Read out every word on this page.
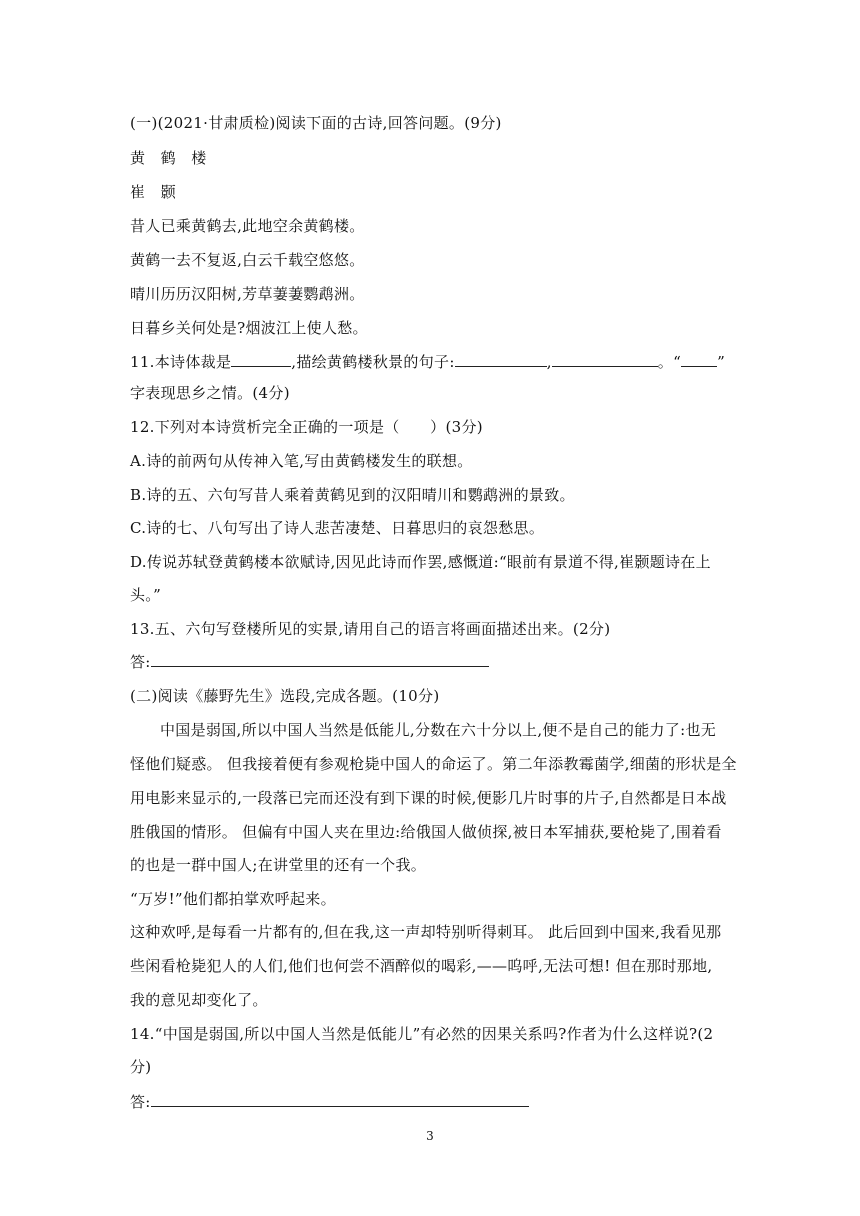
(一)(2021·甘肃质检)阅读下面的古诗,回答问题。(9分)
黄　鹤　楼
崔　颢
昔人已乘黄鹤去,此地空余黄鹤楼。
黄鹤一去不复返,白云千载空悠悠。
晴川历历汉阳树,芳草萋萋鹦鹉洲。
日暮乡关何处是?烟波江上使人愁。
11.本诗体裁是	,描绘黄鹤楼秋景的句子:	,	。“ ”
字表现思乡之情。(4分)
12.下列对本诗赏析完全正确的一项是（　　）(3分)
A.诗的前两句从传神入笔,写由黄鹤楼发生的联想。
B.诗的五、六句写昔人乘着黄鹤见到的汉阳晴川和鹦鹉洲的景致。
C.诗的七、八句写出了诗人悲苦凄楚、日暮思归的哀怨愁思。
D.传说苏轼登黄鹤楼本欲赋诗,因见此诗而作罢,感慨道:“眼前有景道不得,崔颢题诗在上
头。”
13.五、六句写登楼所见的实景,请用自己的语言将画面描述出来。(2分)
答:
(二)阅读《藤野先生》选段,完成各题。(10分)
中国是弱国,所以中国人当然是低能儿,分数在六十分以上,便不是自己的能力了:也无
怪他们疑惑。 但我接着便有参观枪毙中国人的命运了。第二年添教霉菌学,细菌的形状是全
用电影来显示的,一段落已完而还没有到下课的时候,便影几片时事的片子,自然都是日本战
胜俄国的情形。 但偏有中国人夹在里边:给俄国人做侦探,被日本军捕获,要枪毙了,围着看
的也是一群中国人;在讲堂里的还有一个我。
“万岁!”他们都拍掌欢呼起来。
这种欢呼,是每看一片都有的,但在我,这一声却特别听得刺耳。 此后回到中国来,我看见那
些闲看枪毙犯人的人们,他们也何尝不酒醉似的喝彩,——呜呼,无法可想! 但在那时那地,
我的意见却变化了。
14.“中国是弱国,所以中国人当然是低能儿”有必然的因果关系吗?作者为什么这样说?(2
分)
答:
3
